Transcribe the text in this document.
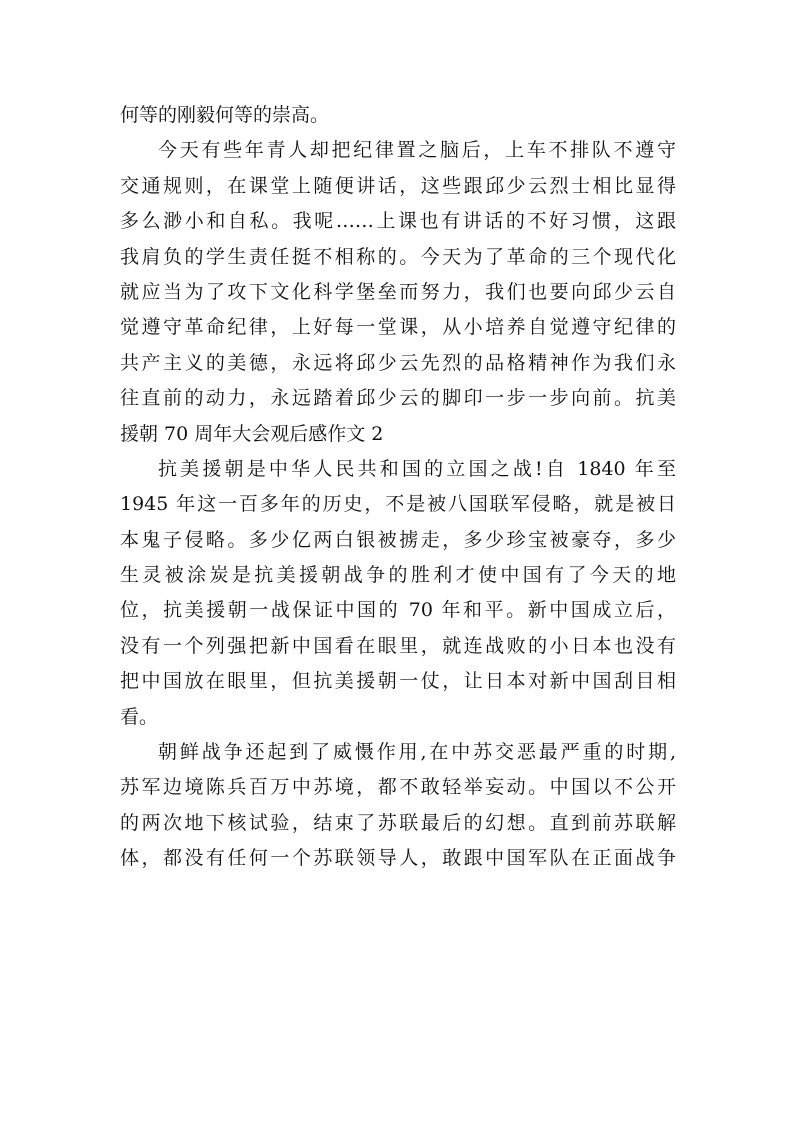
何等的刚毅何等的崇高。
今天有些年青人却把纪律置之脑后，上车不排队不遵守
交通规则，在课堂上随便讲话，这些跟邱少云烈士相比显得
多么渺小和自私。我呢……上课也有讲话的不好习惯，这跟
我肩负的学生责任挺不相称的。今天为了革命的三个现代化
就应当为了攻下文化科学堡垒而努力，我们也要向邱少云自
觉遵守革命纪律，上好每一堂课，从小培养自觉遵守纪律的
共产主义的美德，永远将邱少云先烈的品格精神作为我们永
往直前的动力，永远踏着邱少云的脚印一步一步向前。抗美
援朝 70 周年大会观后感作文 2
抗美援朝是中华人民共和国的立国之战!自 1840 年至
1945 年这一百多年的历史，不是被八国联军侵略，就是被日
本鬼子侵略。多少亿两白银被掳走，多少珍宝被豪夺，多少
生灵被涂炭是抗美援朝战争的胜利才使中国有了今天的地
位，抗美援朝一战保证中国的 70 年和平。新中国成立后，
没有一个列强把新中国看在眼里，就连战败的小日本也没有
把中国放在眼里，但抗美援朝一仗，让日本对新中国刮目相
看。
朝鲜战争还起到了威慑作用,在中苏交恶最严重的时期,
苏军边境陈兵百万中苏境，都不敢轻举妄动。中国以不公开
的两次地下核试验，结束了苏联最后的幻想。直到前苏联解
体，都没有任何一个苏联领导人，敢跟中国军队在正面战争
